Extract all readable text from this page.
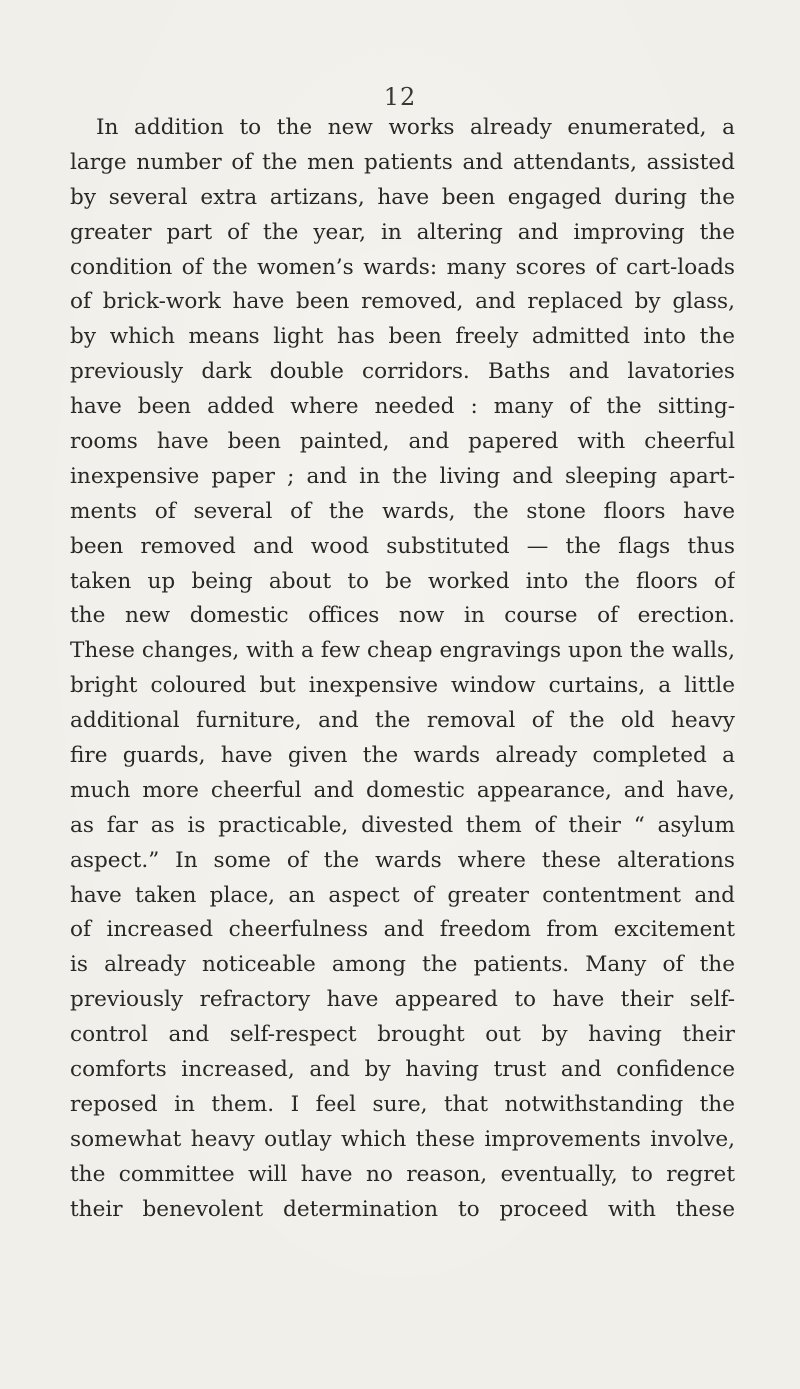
12
In addition to the new works already enumerated, a
large number of the men patients and attendants, assisted
by several extra artizans, have been engaged during the
greater part of the year, in altering and improving the
condition of the women’s wards: many scores of cart-loads
of brick-work have been removed, and replaced by glass,
by which means light has been freely admitted into the
previously dark double corridors. Baths and lavatories
have been added where needed : many of the sitting-
rooms have been painted, and papered with cheerful
inexpensive paper ; and in the living and sleeping apart-
ments of several of the wards, the stone floors have
been removed and wood substituted — the flags thus
taken up being about to be worked into the floors of
the new domestic offices now in course of erection.
These changes, with a few cheap engravings upon the walls,
bright coloured but inexpensive window curtains, a little
additional furniture, and the removal of the old heavy
fire guards, have given the wards already completed a
much more cheerful and domestic appearance, and have,
as far as is practicable, divested them of their “ asylum
aspect.” In some of the wards where these alterations
have taken place, an aspect of greater contentment and
of increased cheerfulness and freedom from excitement
is already noticeable among the patients. Many of the
previously refractory have appeared to have their self-
control and self-respect brought out by having their
comforts increased, and by having trust and confidence
reposed in them. I feel sure, that notwithstanding the
somewhat heavy outlay which these improvements involve,
the committee will have no reason, eventually, to regret
their benevolent determination to proceed with these
